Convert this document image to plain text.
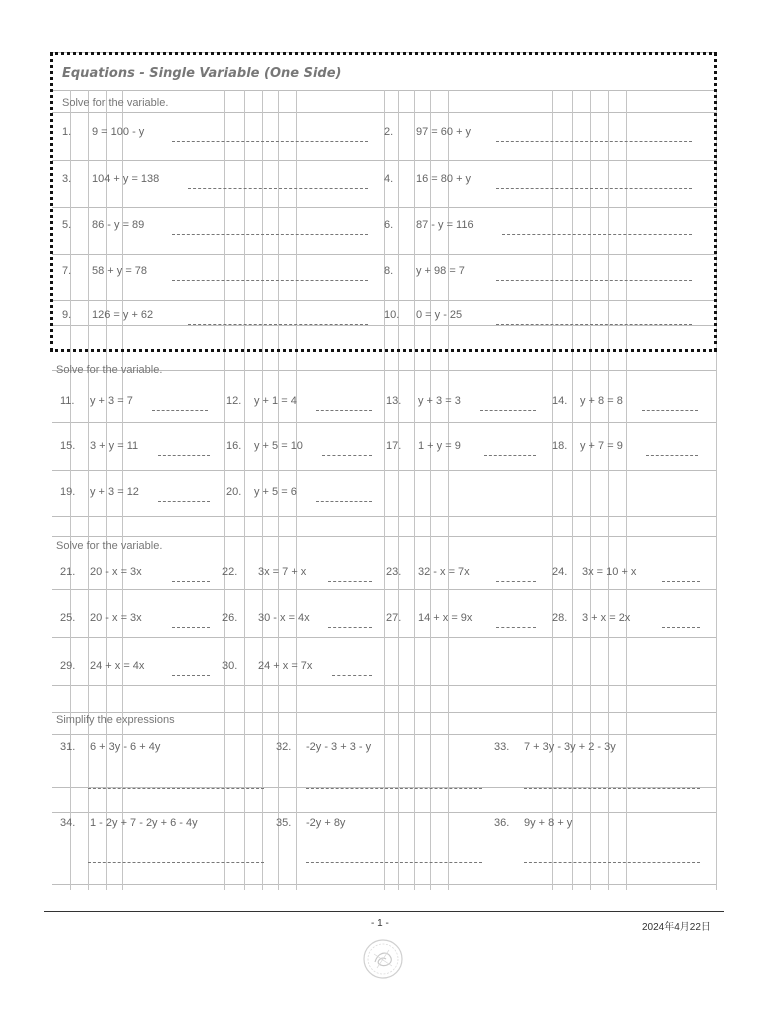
Equations - Single Variable (One Side)
Solve for the variable.
1. 9 = 100 - y	2. 97 = 60 + y
3. 104 + y = 138	4. 16 = 80 + y
5. 86 - y = 89	6. 87 - y = 116
7. 58 + y = 78	8. y + 98 = 7
9. 126 = y + 62	10. 0 = y - 25
Solve for the variable.
11. y + 3 = 7	12. y + 1 = 4	13. y + 3 = 3	14. y + 8 = 8
15. 3 + y = 11	16. y + 5 = 10	17. 1 + y = 9	18. y + 7 = 9
19. y + 3 = 12	20. y + 5 = 6
Solve for the variable.
21. 20 - x = 3x	22. 3x = 7 + x	23. 32 - x = 7x	24. 3x = 10 + x
25. 20 - x = 3x	26. 30 - x = 4x	27. 14 + x = 9x	28. 3 + x = 2x
29. 24 + x = 4x	30. 24 + x = 7x
Simplify the expressions
31. 6 + 3y - 6 + 4y	32. -2y - 3 + 3 - y	33. 7 + 3y - 3y + 2 - 3y
34. 1 - 2y + 7 - 2y + 6 - 4y	35. -2y + 8y	36. 9y + 8 + y
- 1 -	2024年4月22日
